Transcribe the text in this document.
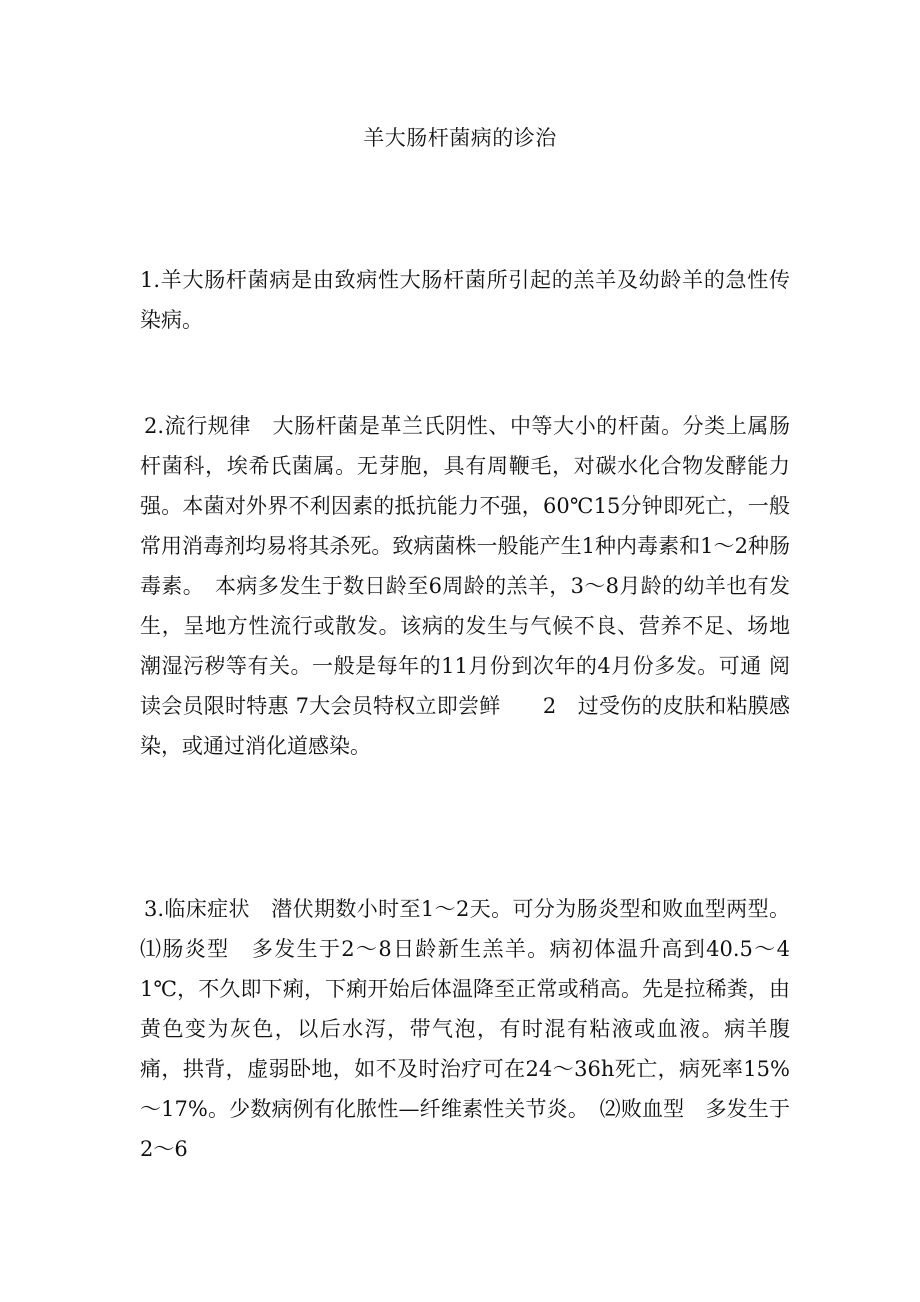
羊大肠杆菌病的诊治
1.羊大肠杆菌病是由致病性大肠杆菌所引起的羔羊及幼龄羊的急性传染病。
2.流行规律　大肠杆菌是革兰氏阴性、中等大小的杆菌。分类上属肠杆菌科，埃希氏菌属。无芽胞，具有周鞭毛，对碳水化合物发酵能力强。本菌对外界不利因素的抵抗能力不强，60℃15分钟即死亡，一般常用消毒剂均易将其杀死。致病菌株一般能产生1种内毒素和1～2种肠毒素。　本病多发生于数日龄至6周龄的羔羊，3～8月龄的幼羊也有发生，呈地方性流行或散发。该病的发生与气候不良、营养不足、场地潮湿污秽等有关。一般是每年的11月份到次年的4月份多发。可通 阅读会员限时特惠 7大会员特权立即尝鲜　　2　过受伤的皮肤和粘膜感染，或通过消化道感染。
3.临床症状　潜伏期数小时至1～2天。可分为肠炎型和败血型两型。⑴肠炎型　多发生于2～8日龄新生羔羊。病初体温升高到40.5～41℃，不久即下痢，下痢开始后体温降至正常或稍高。先是拉稀粪，由黄色变为灰色，以后水泻，带气泡，有时混有粘液或血液。病羊腹痛，拱背，虚弱卧地，如不及时治疗可在24～36h死亡，病死率15%～17%。少数病例有化脓性—纤维素性关节炎。　⑵败血型　多发生于2～6
